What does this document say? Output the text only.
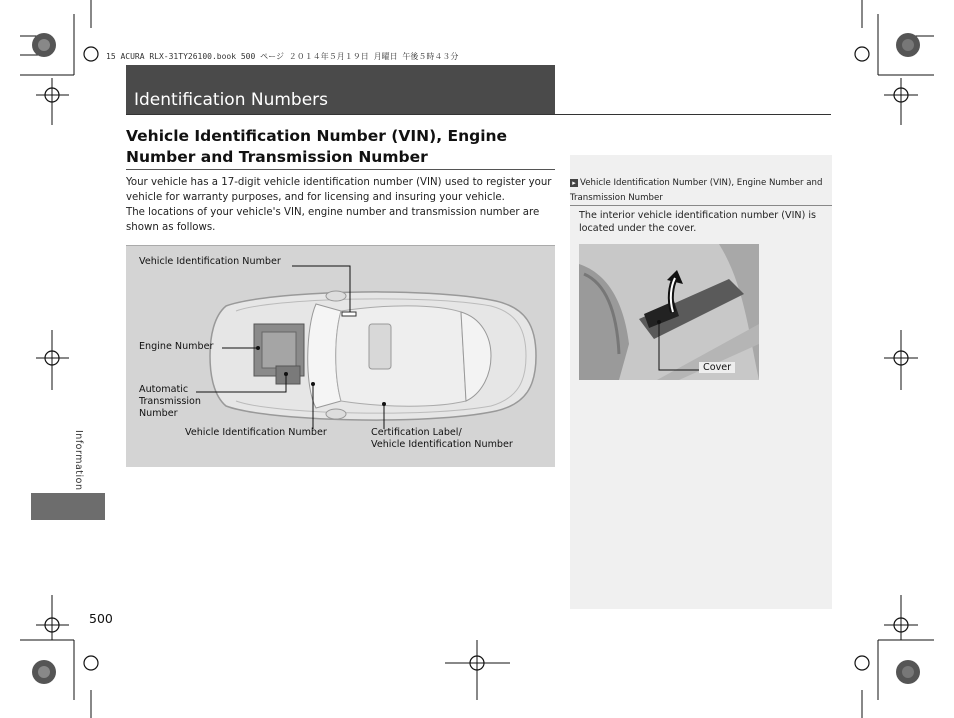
15 ACURA RLX-31TY26100.book 500 ページ ２０１４年５月１９日 月曜日 午後５時４３分
Identification Numbers
Vehicle Identification Number (VIN), Engine Number and Transmission Number

Your vehicle has a 17-digit vehicle identification number (VIN) used to register your vehicle for warranty purposes, and for licensing and insuring your vehicle.

The locations of your vehicle's VIN, engine number and transmission number are shown as follows.

Vehicle Identification Number
Engine Number
Automatic
Transmission
Number
Vehicle Identification Number	Certification Label/
Vehicle Identification Number
▸ Vehicle Identification Number (VIN), Engine Number and Transmission Number
The interior vehicle identification number (VIN) is located under the cover.
Cover
Information
500
